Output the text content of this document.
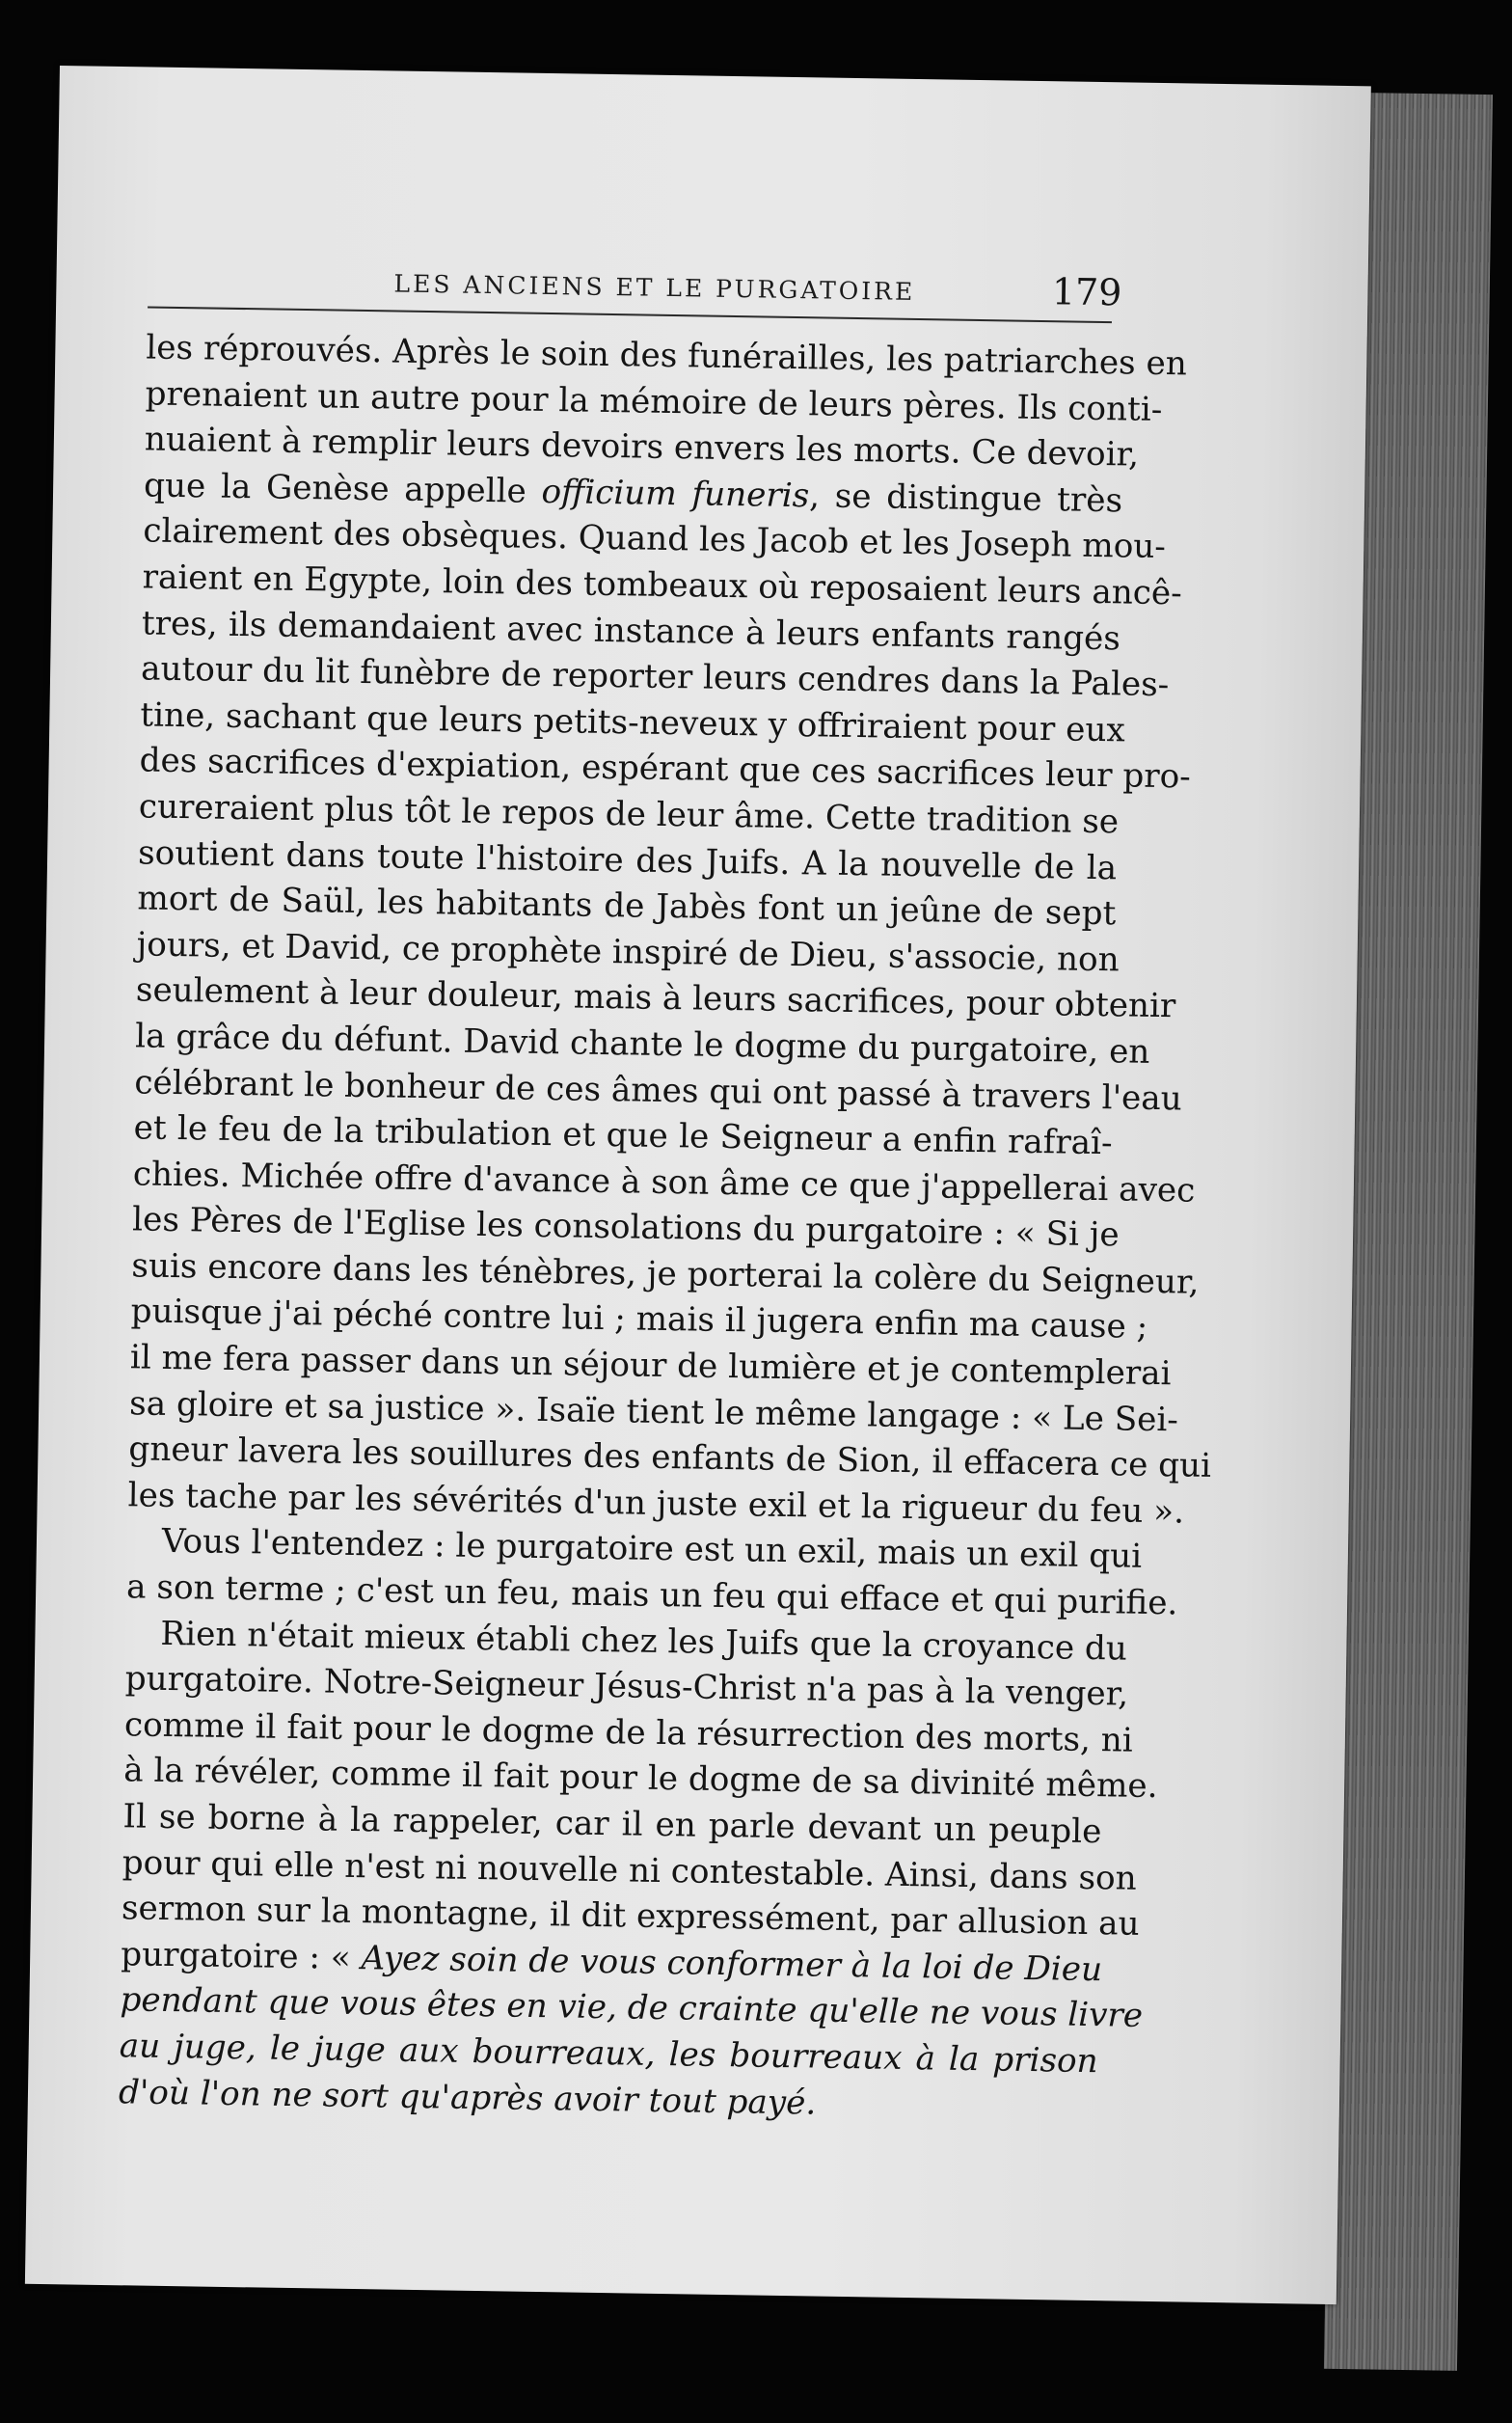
LES ANCIENS ET LE PURGATOIRE	179

les réprouvés. Après le soin des funérailles, les patriarches en
prenaient un autre pour la mémoire de leurs pères. Ils conti-
nuaient à remplir leurs devoirs envers les morts. Ce devoir,
que la Genèse appelle officium funeris, se distingue très
clairement des obsèques. Quand les Jacob et les Joseph mou-
raient en Egypte, loin des tombeaux où reposaient leurs ancê-
tres, ils demandaient avec instance à leurs enfants rangés
autour du lit funèbre de reporter leurs cendres dans la Pales-
tine, sachant que leurs petits-neveux y offriraient pour eux
des sacrifices d'expiation, espérant que ces sacrifices leur pro-
cureraient plus tôt le repos de leur âme. Cette tradition se
soutient dans toute l'histoire des Juifs. A la nouvelle de la
mort de Saül, les habitants de Jabès font un jeûne de sept
jours, et David, ce prophète inspiré de Dieu, s'associe, non
seulement à leur douleur, mais à leurs sacrifices, pour obtenir
la grâce du défunt. David chante le dogme du purgatoire, en
célébrant le bonheur de ces âmes qui ont passé à travers l'eau
et le feu de la tribulation et que le Seigneur a enfin rafraî-
chies. Michée offre d'avance à son âme ce que j'appellerai avec
les Pères de l'Eglise les consolations du purgatoire : « Si je
suis encore dans les ténèbres, je porterai la colère du Seigneur,
puisque j'ai péché contre lui ; mais il jugera enfin ma cause ;
il me fera passer dans un séjour de lumière et je contemplerai
sa gloire et sa justice ». Isaïe tient le même langage : « Le Sei-
gneur lavera les souillures des enfants de Sion, il effacera ce qui
les tache par les sévérités d'un juste exil et la rigueur du feu ».

Vous l'entendez : le purgatoire est un exil, mais un exil qui
a son terme ; c'est un feu, mais un feu qui efface et qui purifie.

Rien n'était mieux établi chez les Juifs que la croyance du
purgatoire. Notre-Seigneur Jésus-Christ n'a pas à la venger,
comme il fait pour le dogme de la résurrection des morts, ni
à la révéler, comme il fait pour le dogme de sa divinité même.
Il se borne à la rappeler, car il en parle devant un peuple
pour qui elle n'est ni nouvelle ni contestable. Ainsi, dans son
sermon sur la montagne, il dit expressément, par allusion au
purgatoire : « Ayez soin de vous conformer à la loi de Dieu
pendant que vous êtes en vie, de crainte qu'elle ne vous livre
au juge, le juge aux bourreaux, les bourreaux à la prison
d'où l'on ne sort qu'après avoir tout payé.
